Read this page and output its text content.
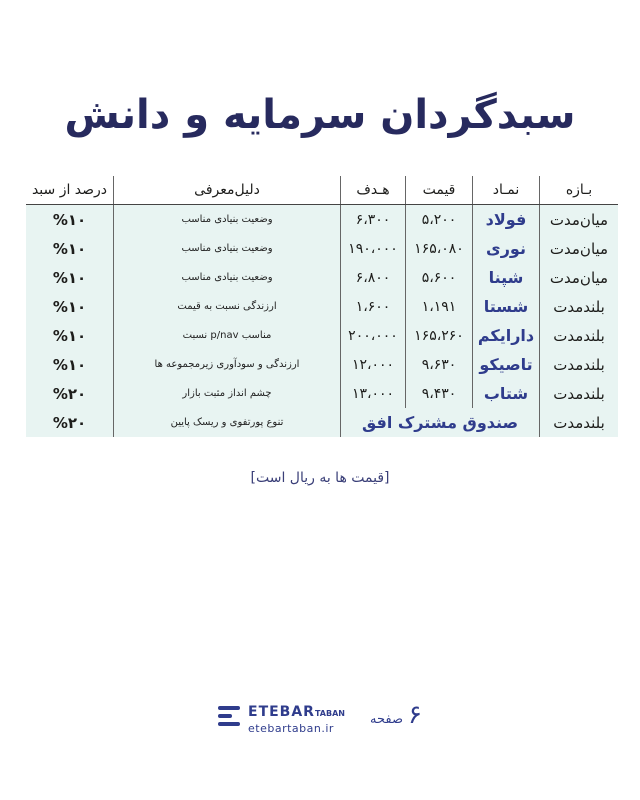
سبدگردان سرمایه و دانش
بـازه	نمـاد	قیمت	هـدف	دلیل‌معرفی	درصد از سبد
میان‌مدت	فولاد	۵،۲۰۰	۶،۳۰۰	وضعیت بنیادی مناسب	%۱۰
میان‌مدت	نوری	۱۶۵،۰۸۰	۱۹۰،۰۰۰	وضعیت بنیادی مناسب	%۱۰
میان‌مدت	شپنا	۵،۶۰۰	۶،۸۰۰	وضعیت بنیادی مناسب	%۱۰
بلندمدت	شستا	۱،۱۹۱	۱،۶۰۰	ارزندگی نسبت به قیمت	%۱۰
بلندمدت	دارایکم	۱۶۵،۲۶۰	۲۰۰،۰۰۰	مناسب p/nav نسبت	%۱۰
بلندمدت	تاصیکو	۹،۶۳۰	۱۲،۰۰۰	ارزندگی و سودآوری زیرمجموعه ها	%۱۰
بلندمدت	شتاب	۹،۴۳۰	۱۳،۰۰۰	چشم انداز مثبت بازار	%۲۰
بلندمدت	صندوق مشترک افق			تنوع پورتفوی و ریسک پایین	%۲۰
[قیمت ها به ریال است]
ETEBARTABAN
etebartaban.ir
صفحه ۶
